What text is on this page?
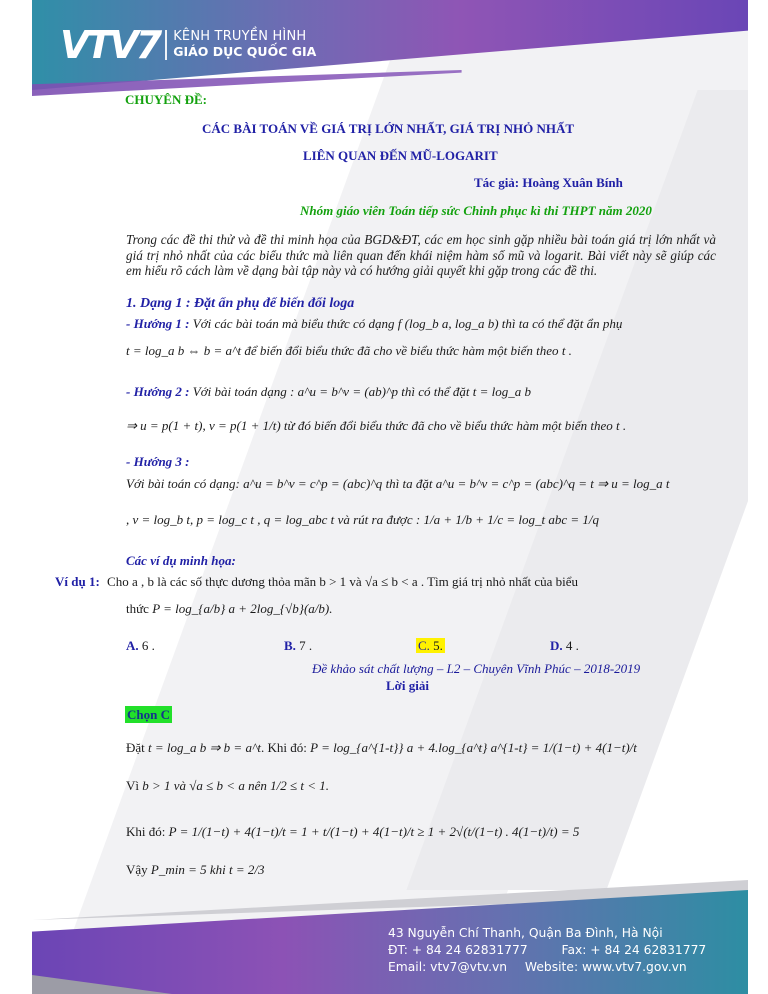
VTV7 KÊNH TRUYỀN HÌNH
GIÁO DỤC QUỐC GIA
CHUYÊN ĐỀ:
CÁC BÀI TOÁN VỀ GIÁ TRỊ LỚN NHẤT, GIÁ TRỊ NHỎ NHẤT
LIÊN QUAN ĐẾN MŨ-LOGARIT
Tác giả: Hoàng Xuân Bính
Nhóm giáo viên Toán tiếp sức Chinh phục kì thi THPT năm 2020
Trong các đề thi thử và đề thi minh họa của BGD&ĐT, các em học sinh gặp nhiều bài toán giá trị lớn nhất và giá trị nhỏ nhất của các biểu thức mà liên quan đến khái niệm hàm số mũ và logarit. Bài viết này sẽ giúp các em hiểu rõ cách làm về dạng bài tập này và có hướng giải quyết khi gặp trong các đề thi.
1. Dạng 1 : Đặt ẩn phụ để biến đổi loga
- Hướng 1 : Với các bài toán mà biểu thức có dạng f (log_b a, log_a b) thì ta có thể đặt ẩn phụ
t = log_a b ⇔ b = a^t để biến đổi biểu thức đã cho về biểu thức hàm một biến theo t .
- Hướng 2 : Với bài toán dạng : a^u = b^v = (ab)^p thì có thể đặt t = log_a b
⇒ u = p(1 + t), v = p(1 + 1/t) từ đó biến đổi biểu thức đã cho về biểu thức hàm một biến theo t .
- Hướng 3 :
Với bài toán có dạng: a^u = b^v = c^p = (abc)^q thì ta đặt a^u = b^v = c^p = (abc)^q = t ⇒ u = log_a t
, v = log_b t, p = log_c t , q = log_abc t và rút ra được : 1/a + 1/b + 1/c = log_t abc = 1/q
Các ví dụ minh họa:
Ví dụ 1: Cho a , b là các số thực dương thỏa mãn b > 1 và √a ≤ b < a . Tìm giá trị nhỏ nhất của biểu
thức P = log_{a/b} a + 2log_{√b}(a/b).
A. 6 .	B. 7 .	C. 5.	D. 4 .
Đề khảo sát chất lượng – L2 – Chuyên Vĩnh Phúc – 2018-2019
Lời giải
Chọn C
Đặt t = log_a b ⇒ b = a^t. Khi đó: P = log_{a^{1-t}} a + 4.log_{a^t} a^{1-t} = 1/(1−t) + 4(1−t)/t
Vì b > 1 và √a ≤ b < a nên 1/2 ≤ t < 1.
Khi đó: P = 1/(1−t) + 4(1−t)/t = 1 + t/(1−t) + 4(1−t)/t ≥ 1 + 2√(t/(1−t) . 4(1−t)/t) = 5
Vậy P_min = 5 khi t = 2/3
43 Nguyễn Chí Thanh, Quận Ba Đình, Hà Nội
ĐT: + 84 24 62831777	Fax: + 84 24 62831777
Email: vtv7@vtv.vn Website: www.vtv7.gov.vn
